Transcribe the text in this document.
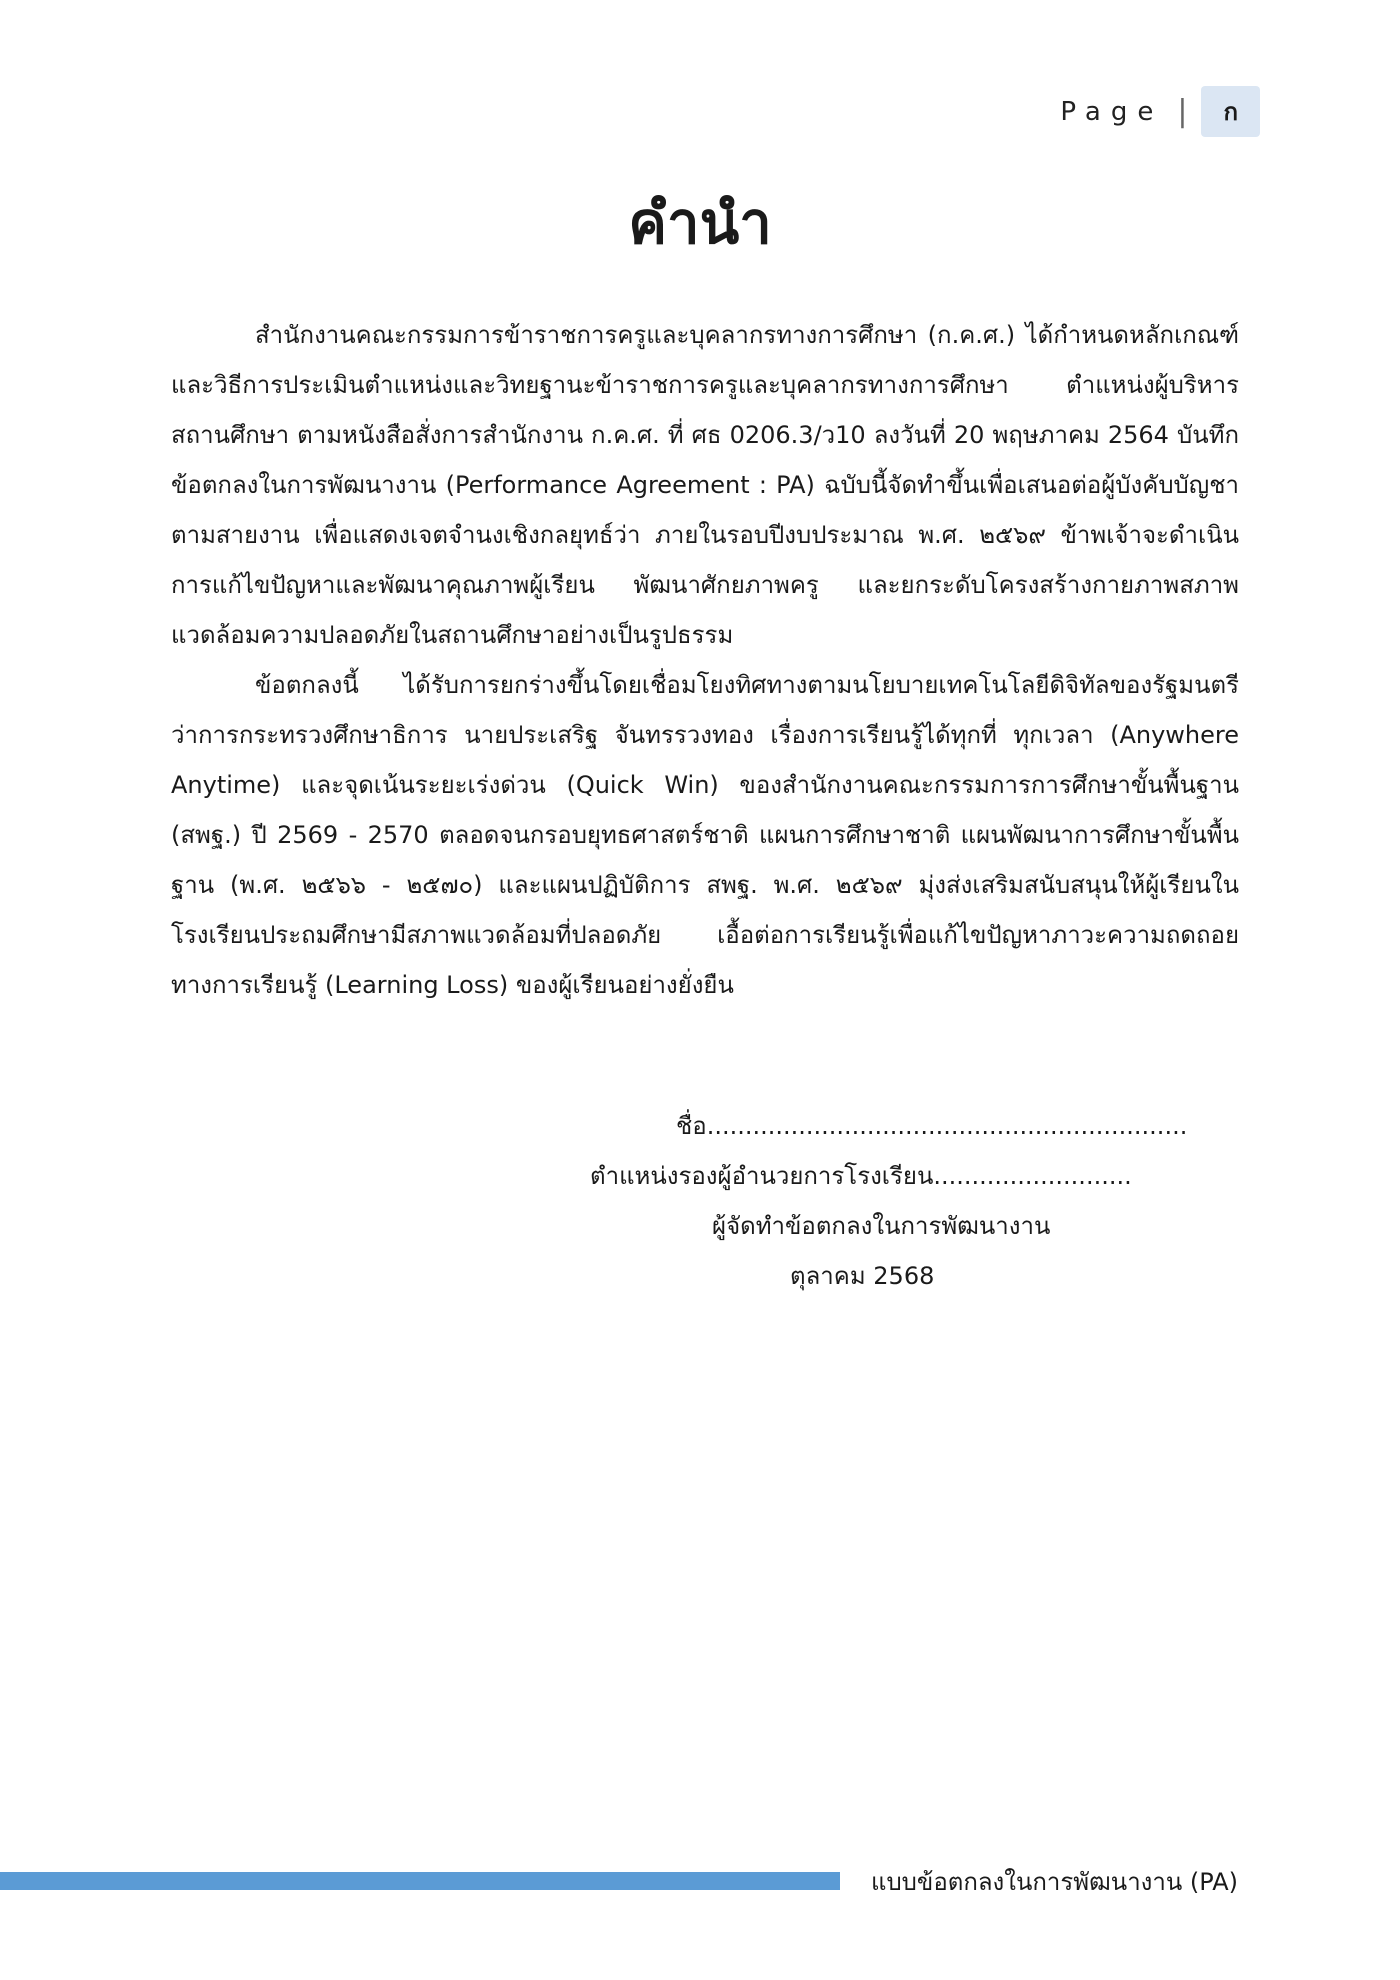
Page |	ก
คำนำ

สำนักงานคณะกรรมการข้าราชการครูและบุคลากรทางการศึกษา (ก.ค.ศ.) ได้กำหนดหลักเกณฑ์และวิธีการประเมินตำแหน่งและวิทยฐานะข้าราชการครูและบุคลากรทางการศึกษา ตำแหน่งผู้บริหารสถานศึกษา ตามหนังสือสั่งการสำนักงาน ก.ค.ศ. ที่ ศธ 0206.3/ว10 ลงวันที่ 20 พฤษภาคม 2564 บันทึกข้อตกลงในการพัฒนางาน (Performance Agreement : PA) ฉบับนี้จัดทำขึ้นเพื่อเสนอต่อผู้บังคับบัญชาตามสายงาน เพื่อแสดงเจตจำนงเชิงกลยุทธ์ว่า ภายในรอบปีงบประมาณ พ.ศ. ๒๕๖๙ ข้าพเจ้าจะดำเนินการแก้ไขปัญหาและพัฒนาคุณภาพผู้เรียน พัฒนาศักยภาพครู และยกระดับโครงสร้างกายภาพสภาพแวดล้อมความปลอดภัยในสถานศึกษาอย่างเป็นรูปธรรม

ข้อตกลงนี้ ได้รับการยกร่างขึ้นโดยเชื่อมโยงทิศทางตามนโยบายเทคโนโลยีดิจิทัลของรัฐมนตรีว่าการกระทรวงศึกษาธิการ นายประเสริฐ จันทรรวงทอง เรื่องการเรียนรู้ได้ทุกที่ ทุกเวลา (Anywhere Anytime) และจุดเน้นระยะเร่งด่วน (Quick Win) ของสำนักงานคณะกรรมการการศึกษาขั้นพื้นฐาน (สพฐ.) ปี 2569 - 2570 ตลอดจนกรอบยุทธศาสตร์ชาติ แผนการศึกษาชาติ แผนพัฒนาการศึกษาขั้นพื้นฐาน (พ.ศ. ๒๕๖๖ - ๒๕๗๐) และแผนปฏิบัติการ สพฐ. พ.ศ. ๒๕๖๙ มุ่งส่งเสริมสนับสนุนให้ผู้เรียนในโรงเรียนประถมศึกษามีสภาพแวดล้อมที่ปลอดภัย เอื้อต่อการเรียนรู้เพื่อแก้ไขปัญหาภาวะความถดถอยทางการเรียนรู้ (Learning Loss) ของผู้เรียนอย่างยั่งยืน

ชื่อ...............................................................
ตำแหน่งรองผู้อำนวยการโรงเรียน..........................
ผู้จัดทำข้อตกลงในการพัฒนางาน
ตุลาคม 2568
แบบข้อตกลงในการพัฒนางาน (PA)
